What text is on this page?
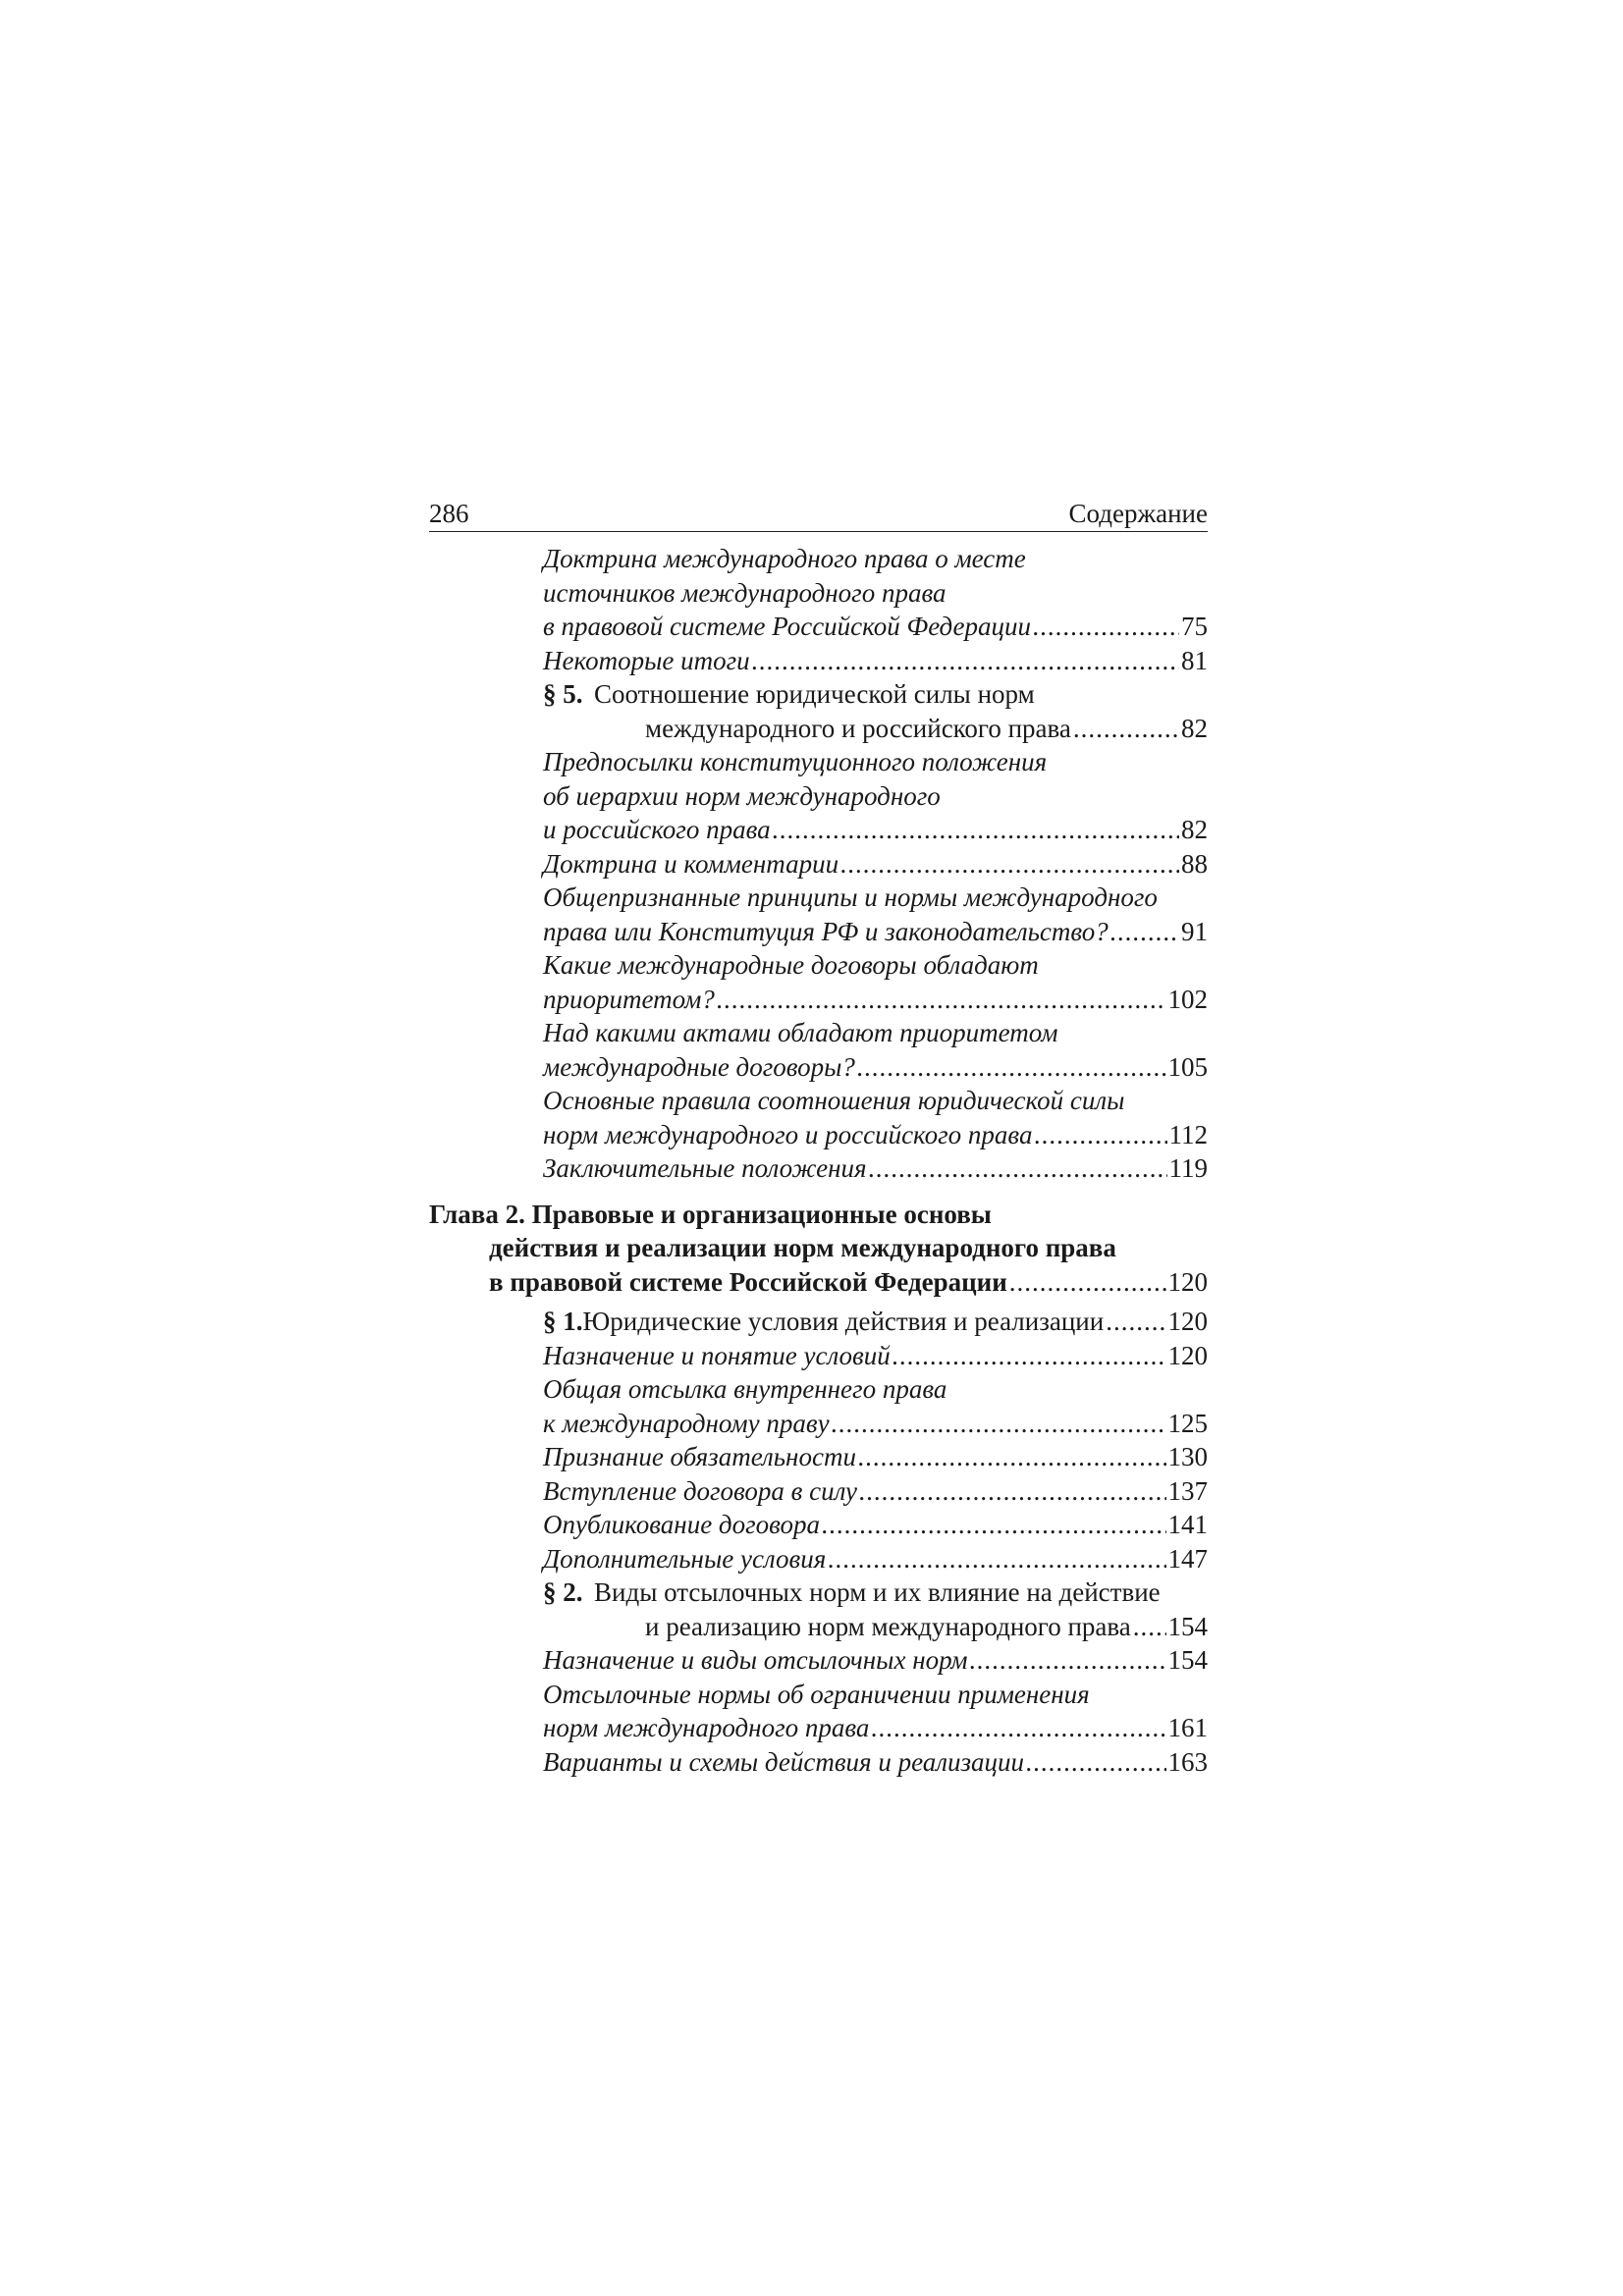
286	Содержание
Доктрина международного права о месте
источников международного права
в правовой системе Российской Федерации .....	75
Некоторые итоги .....	81
§ 5. Соотношение юридической силы норм
международного и российского права .....	82
Предпосылки конституционного положения
об иерархии норм международного
и российского права .....	82
Доктрина и комментарии .....	88
Общепризнанные принципы и нормы международного
права или Конституция РФ и законодательство? .....	91
Какие международные договоры обладают
приоритетом? .....	102
Над какими актами обладают приоритетом
международные договоры? .....	105
Основные правила соотношения юридической силы
норм международного и российского права .....	112
Заключительные положения .....	119
Глава 2. Правовые и организационные основы
действия и реализации норм международного права
в правовой системе Российской Федерации .....	120
§ 1. Юридические условия действия и реализации ..... 120
Назначение и понятие условий .....	120
Общая отсылка внутреннего права
к международному праву .....	125
Признание обязательности .....	130
Вступление договора в силу .....	137
Опубликование договора .....	141
Дополнительные условия .....	147
§ 2. Виды отсылочных норм и их влияние на действие
и реализацию норм международного права ..... 154
Назначение и виды отсылочных норм .....	154
Отсылочные нормы об ограничении применения
норм международного права .....	161
Варианты и схемы действия и реализации .....	163
